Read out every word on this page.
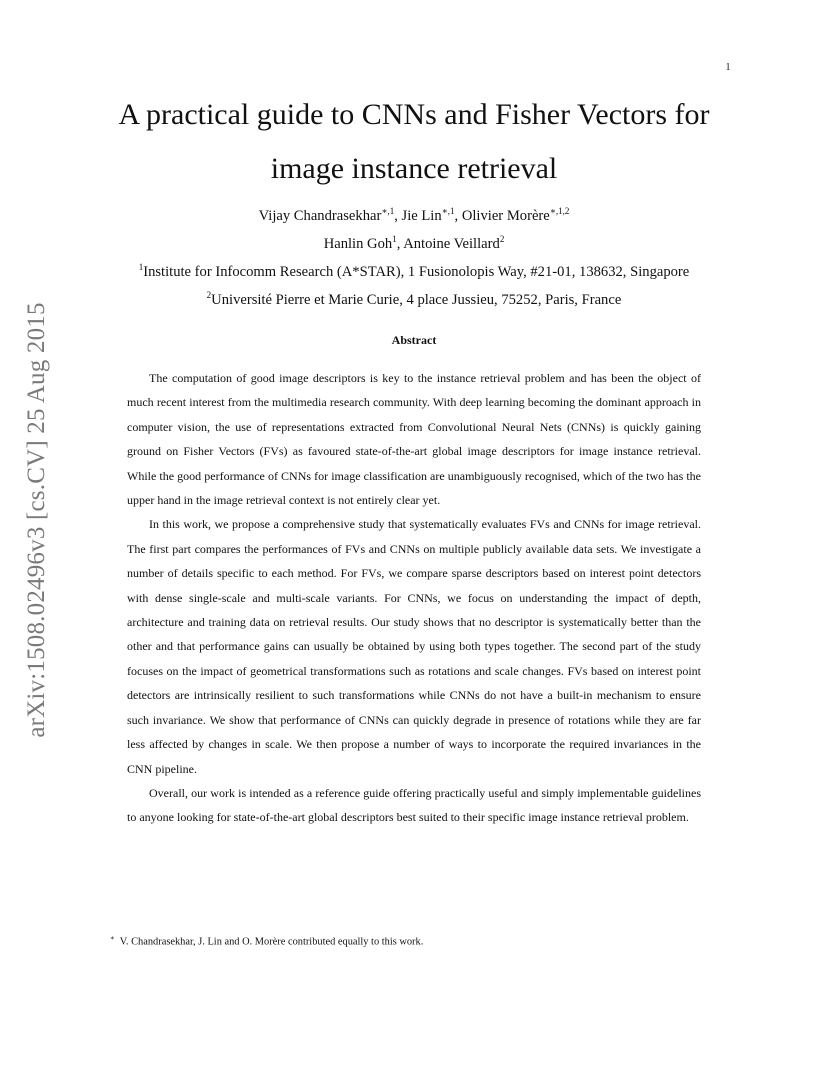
1
arXiv:1508.02496v3 [cs.CV] 25 Aug 2015
A practical guide to CNNs and Fisher Vectors for image instance retrieval
Vijay Chandrasekhar$^{∗,1}$, Jie Lin$^{∗,1}$, Olivier Morère$^{∗,1,2}$
Hanlin Goh$^1$, Antoine Veillard$^2$
$^1$Institute for Infocomm Research (A*STAR), 1 Fusionolopis Way, #21-01, 138632, Singapore
$^2$Université Pierre et Marie Curie, 4 place Jussieu, 75252, Paris, France
Abstract

The computation of good image descriptors is key to the instance retrieval problem and has been the object of much recent interest from the multimedia research community. With deep learning becoming the dominant approach in computer vision, the use of representations extracted from Convolutional Neural Nets (CNNs) is quickly gaining ground on Fisher Vectors (FVs) as favoured state-of-the-art global image descriptors for image instance retrieval. While the good performance of CNNs for image classification are unambiguously recognised, which of the two has the upper hand in the image retrieval context is not entirely clear yet.

In this work, we propose a comprehensive study that systematically evaluates FVs and CNNs for image retrieval. The first part compares the performances of FVs and CNNs on multiple publicly available data sets. We investigate a number of details specific to each method. For FVs, we compare sparse descriptors based on interest point detectors with dense single-scale and multi-scale variants. For CNNs, we focus on understanding the impact of depth, architecture and training data on retrieval results. Our study shows that no descriptor is systematically better than the other and that performance gains can usually be obtained by using both types together. The second part of the study focuses on the impact of geometrical transformations such as rotations and scale changes. FVs based on interest point detectors are intrinsically resilient to such transformations while CNNs do not have a built-in mechanism to ensure such invariance. We show that performance of CNNs can quickly degrade in presence of rotations while they are far less affected by changes in scale. We then propose a number of ways to incorporate the required invariances in the CNN pipeline.

Overall, our work is intended as a reference guide offering practically useful and simply implementable guidelines to anyone looking for state-of-the-art global descriptors best suited to their specific image instance retrieval problem.

∗ V. Chandrasekhar, J. Lin and O. Morère contributed equally to this work.
